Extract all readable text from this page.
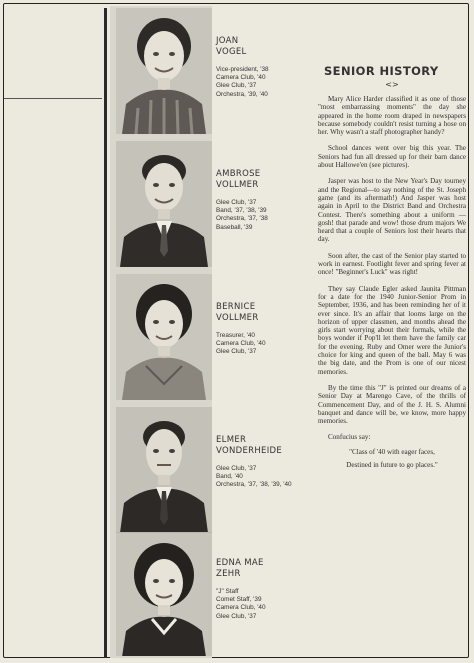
JOAN

VOGEL

Vice-president, '38
Camera Club, '40
Glee Club, '37
Orchestra, '39, '40

AMBROSE

VOLLMER

Glee Club, '37
Band, '37, '38, '39
Orchestra, '37, '38
Baseball, '39

BERNICE

VOLLMER

Treasurer, '40
Camera Club, '40
Glee Club, '37

ELMER

VONDERHEIDE

Glee Club, '37
Band, '40
Orchestra, '37, '38, '39, '40

EDNA MAE

ZEHR

"J" Staff
Comet Staff, '39
Camera Club, '40
Glee Club, '37
SENIOR HISTORY
<>

Mary Alice Harder classified it as one of those "most embarrassing moments" the day she appeared in the home room draped in newspapers because somebody couldn't resist turning a hose on her. Why wasn't a staff photographer handy?

School dances went over big this year. The Seniors had fun all dressed up for their barn dance about Hallowe'en (see pictures).

Jasper was host to the New Year's Day tourney and the Regional—to say nothing of the St. Joseph game (and its aftermath!) And Jasper was host again in April to the District Band and Orchestra Contest. There's something about a uniform —gosh! that parade and wow! those drum majors We heard that a couple of Seniors lost their hearts that day.

Soon after, the cast of the Senior play started to work in earnest. Footlight fever and spring fever at once! "Beginner's Luck" was right!

They say Claude Egler asked Jaunita Pittman for a date for the 1940 Junior-Senior Prom in September, 1936, and has been reminding her of it ever since. It's an affair that looms large on the horizon of upper classmen, and months ahead the girls start worrying about their formals, while the boys wonder if Pop'll let them have the family car for the evening. Ruby and Omer were the Junior's choice for king and queen of the ball. May 6 was the big date, and the Prom is one of our nicest memories.

By the time this "J" is printed our dreams of a Senior Day at Marengo Cave, of the thrills of Commencement Day, and of the J. H. S. Alumni banquet and dance will be, we know, more happy memories.

Confucius say:

"Class of '40 with eager faces,

Destined in future to go places."
